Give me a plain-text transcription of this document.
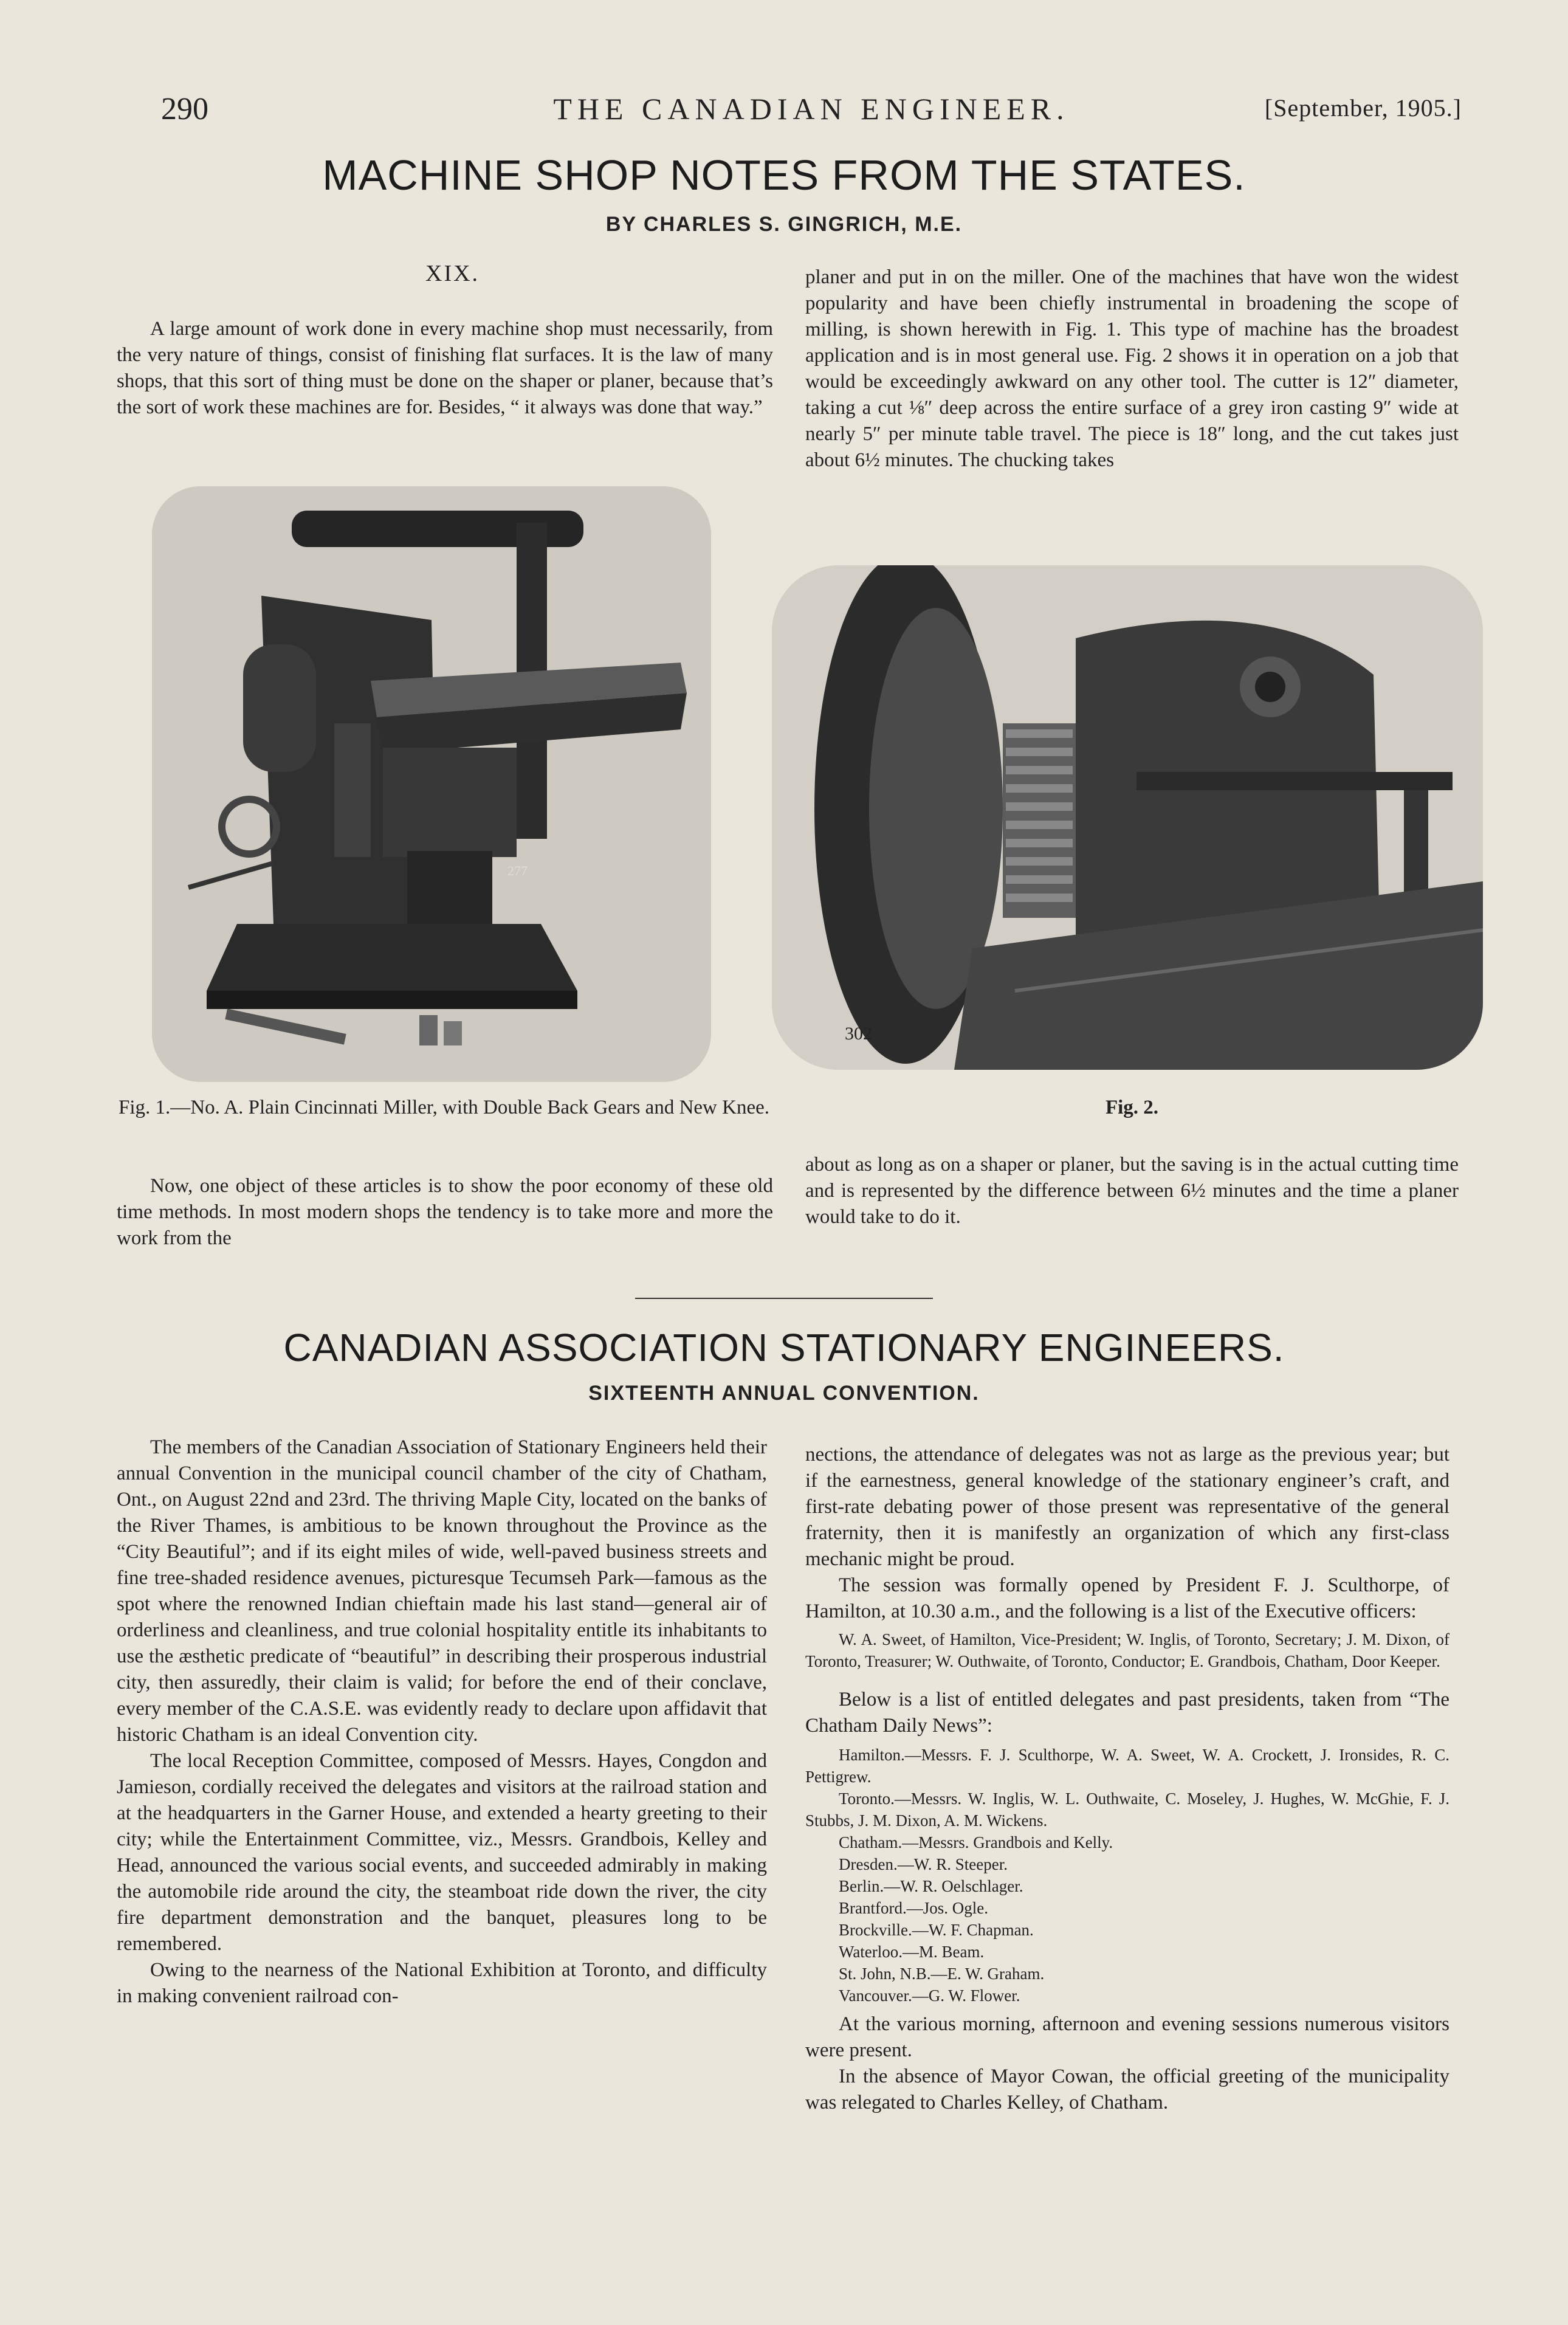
290	THE CANADIAN ENGINEER.	[September, 1905.]
MACHINE SHOP NOTES FROM THE STATES.
BY CHARLES S. GINGRICH, M.E.
XIX.

A large amount of work done in every machine shop must necessarily, from the very nature of things, consist of finishing flat surfaces. It is the law of many shops, that this sort of thing must be done on the shaper or planer, because that’s the sort of work these machines are for. Besides, “ it always was done that way.”

planer and put in on the miller. One of the machines that have won the widest popularity and have been chiefly instrumental in broadening the scope of milling, is shown herewith in Fig. 1. This type of machine has the broadest application and is in most general use. Fig. 2 shows it in operation on a job that would be exceedingly awkward on any other tool. The cutter is 12″ diameter, taking a cut ⅛″ deep across the entire surface of a grey iron casting 9″ wide at nearly 5″ per minute table travel. The piece is 18″ long, and the cut takes just about 6½ minutes. The chucking takes

277
302
Fig. 1.—No. A. Plain Cincinnati Miller, with Double Back Gears and New Knee.	Fig. 2.

Now, one object of these articles is to show the poor economy of these old time methods. In most modern shops the tendency is to take more and more the work from the

about as long as on a shaper or planer, but the saving is in the actual cutting time and is represented by the difference between 6½ minutes and the time a planer would take to do it.

CANADIAN ASSOCIATION STATIONARY ENGINEERS.
SIXTEENTH ANNUAL CONVENTION.

The members of the Canadian Association of Stationary Engineers held their annual Convention in the municipal council chamber of the city of Chatham, Ont., on August 22nd and 23rd. The thriving Maple City, located on the banks of the River Thames, is ambitious to be known throughout the Province as the “City Beautiful”; and if its eight miles of wide, well-paved business streets and fine tree-shaded residence avenues, picturesque Tecumseh Park—famous as the spot where the renowned Indian chieftain made his last stand—general air of orderliness and cleanliness, and true colonial hospitality entitle its inhabitants to use the æsthetic predicate of “beautiful” in describing their prosperous industrial city, then assuredly, their claim is valid; for before the end of their conclave, every member of the C.A.S.E. was evidently ready to declare upon affidavit that historic Chatham is an ideal Convention city.

The local Reception Committee, composed of Messrs. Hayes, Congdon and Jamieson, cordially received the delegates and visitors at the railroad station and at the headquarters in the Garner House, and extended a hearty greeting to their city; while the Entertainment Committee, viz., Messrs. Grandbois, Kelley and Head, announced the various social events, and succeeded admirably in making the automobile ride around the city, the steamboat ride down the river, the city fire department demonstration and the banquet, pleasures long to be remembered.

Owing to the nearness of the National Exhibition at Toronto, and difficulty in making convenient railroad con-

nections, the attendance of delegates was not as large as the previous year; but if the earnestness, general knowledge of the stationary engineer’s craft, and first-rate debating power of those present was representative of the general fraternity, then it is manifestly an organization of which any first-class mechanic might be proud.

The session was formally opened by President F. J. Sculthorpe, of Hamilton, at 10.30 a.m., and the following is a list of the Executive officers:

W. A. Sweet, of Hamilton, Vice-President; W. Inglis, of Toronto, Secretary; J. M. Dixon, of Toronto, Treasurer; W. Outhwaite, of Toronto, Conductor; E. Grandbois, Chatham, Door Keeper.

Below is a list of entitled delegates and past presidents, taken from “The Chatham Daily News”:

Hamilton.—Messrs. F. J. Sculthorpe, W. A. Sweet, W. A. Crockett, J. Ironsides, R. C. Pettigrew.

Toronto.—Messrs. W. Inglis, W. L. Outhwaite, C. Moseley, J. Hughes, W. McGhie, F. J. Stubbs, J. M. Dixon, A. M. Wickens.

Chatham.—Messrs. Grandbois and Kelly.

Dresden.—W. R. Steeper.

Berlin.—W. R. Oelschlager.

Brantford.—Jos. Ogle.

Brockville.—W. F. Chapman.

Waterloo.—M. Beam.

St. John, N.B.—E. W. Graham.

Vancouver.—G. W. Flower.

At the various morning, afternoon and evening sessions numerous visitors were present.

In the absence of Mayor Cowan, the official greeting of the municipality was relegated to Charles Kelley, of Chatham.
